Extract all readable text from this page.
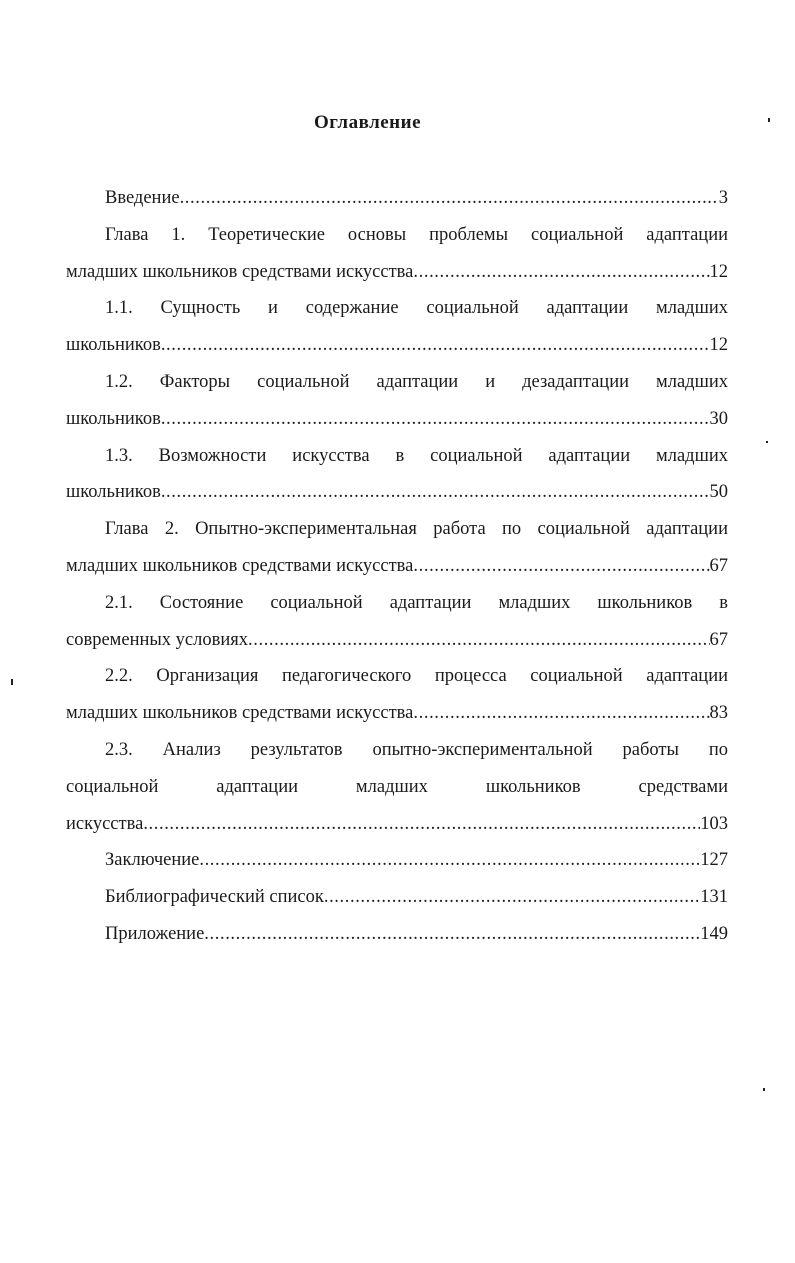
Оглавление
Введение .....	3
Глава 1. Теоретические основы проблемы социальной адаптации
младших школьников средствами искусства .....	12
1.1. Сущность и содержание социальной адаптации младших
школьников .....	12
1.2. Факторы социальной адаптации и дезадаптации младших
школьников .....	30
1.3. Возможности искусства в социальной адаптации младших
школьников .....	50
Глава 2. Опытно-экспериментальная работа по социальной адаптации
младших школьников средствами искусства .....	67
2.1. Состояние социальной адаптации младших школьников в
современных условиях .....	67
2.2. Организация педагогического процесса социальной адаптации
младших школьников средствами искусства .....	83
2.3. Анализ результатов опытно-экспериментальной работы по
социальной адаптации младших школьников средствами
искусства .....	103
Заключение .....	127
Библиографический список .....	131
Приложение .....	149
